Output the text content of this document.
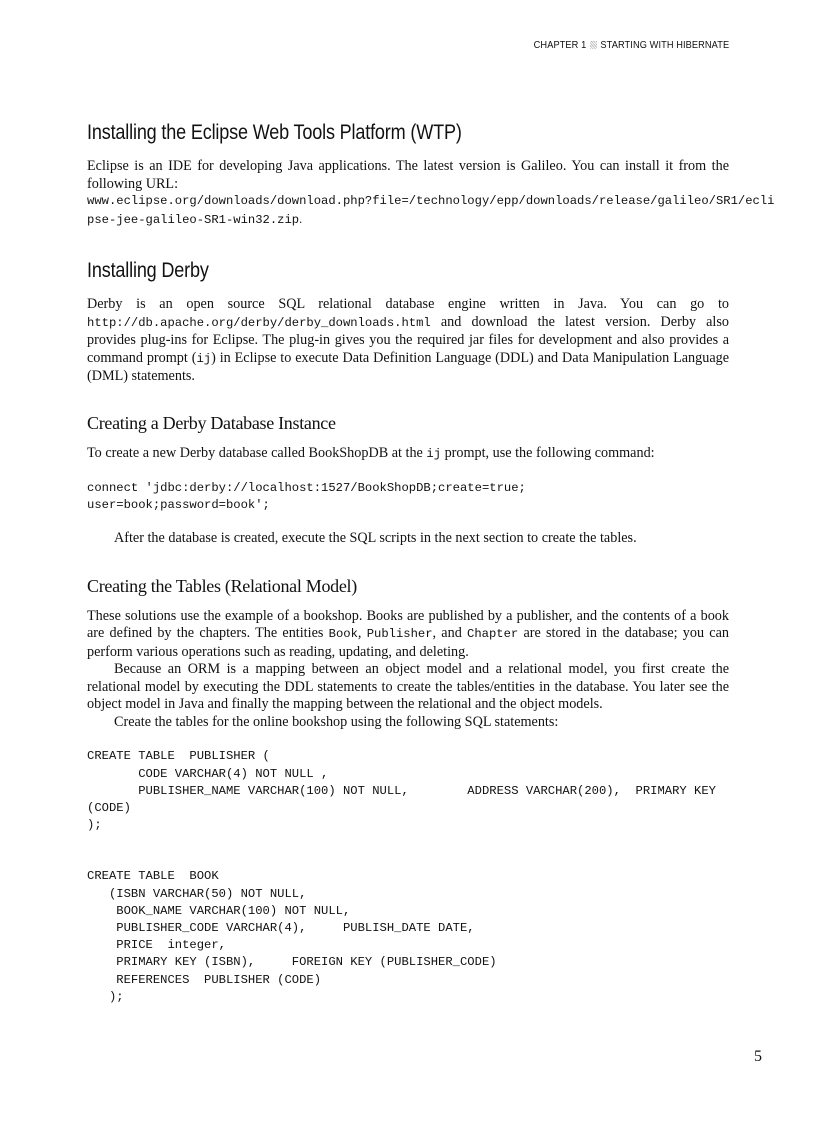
CHAPTER 1 STARTING WITH HIBERNATE
Installing the Eclipse Web Tools Platform (WTP)

Eclipse is an IDE for developing Java applications. The latest version is Galileo. You can install it from the following URL:

www.eclipse.org/downloads/download.php?file=/technology/epp/downloads/release/galileo/SR1/ecli
pse-jee-galileo-SR1-win32.zip.
Installing Derby

Derby is an open source SQL relational database engine written in Java. You can go to http://db.apache.org/derby/derby_downloads.html and download the latest version. Derby also provides plug-ins for Eclipse. The plug-in gives you the required jar files for development and also provides a command prompt (ij) in Eclipse to execute Data Definition Language (DDL) and Data Manipulation Language (DML) statements.

Creating a Derby Database Instance

To create a new Derby database called BookShopDB at the ij prompt, use the following command:

connect 'jdbc:derby://localhost:1527/BookShopDB;create=true;
user=book;password=book';

After the database is created, execute the SQL scripts in the next section to create the tables.

Creating the Tables (Relational Model)

These solutions use the example of a bookshop. Books are published by a publisher, and the contents of a book are defined by the chapters. The entities Book, Publisher, and Chapter are stored in the database; you can perform various operations such as reading, updating, and deleting.

Because an ORM is a mapping between an object model and a relational model, you first create the relational model by executing the DDL statements to create the tables/entities in the database. You later see the object model in Java and finally the mapping between the relational and the object models.

Create the tables for the online bookshop using the following SQL statements:

CREATE TABLE  PUBLISHER (
CODE VARCHAR(4) NOT NULL ,
PUBLISHER_NAME VARCHAR(100) NOT NULL,        ADDRESS VARCHAR(200),  PRIMARY KEY
(CODE)
);
CREATE TABLE  BOOK
(ISBN VARCHAR(50) NOT NULL,
BOOK_NAME VARCHAR(100) NOT NULL,
PUBLISHER_CODE VARCHAR(4),     PUBLISH_DATE DATE,
PRICE  integer,
PRIMARY KEY (ISBN),     FOREIGN KEY (PUBLISHER_CODE)
REFERENCES  PUBLISHER (CODE)
);
5
